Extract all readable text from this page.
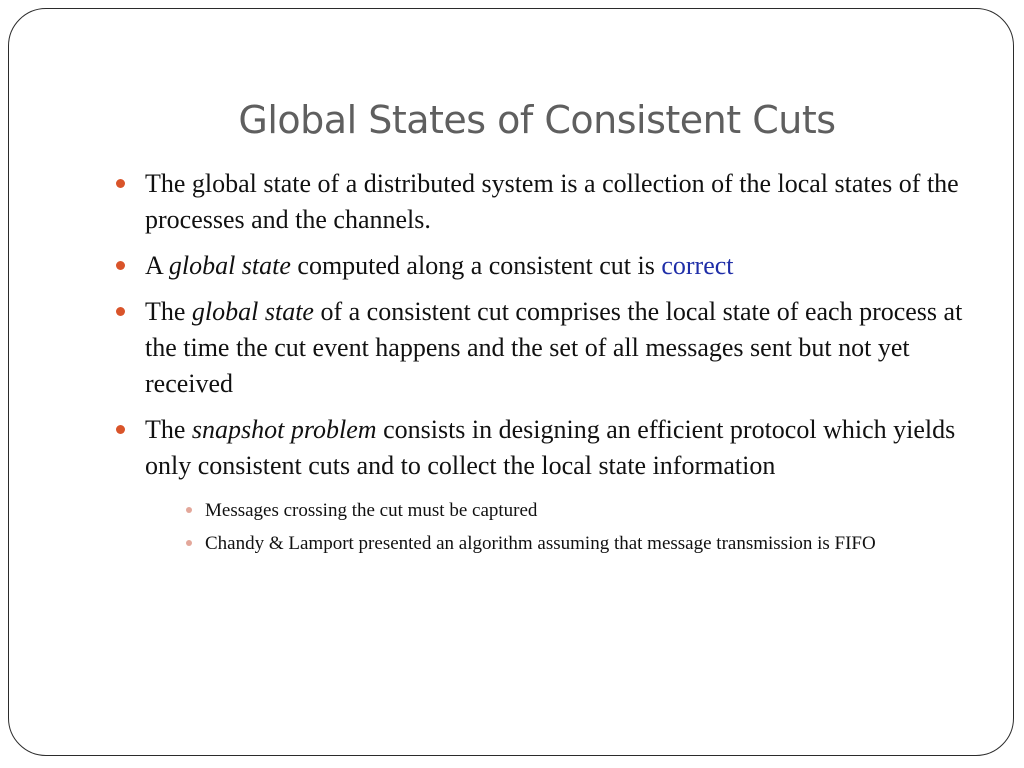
Global States of Consistent Cuts
The global state of a distributed system is a collection of the local states of the processes and the channels.
A global state computed along a consistent cut is correct
The global state of a consistent cut comprises the local state of each process at the time the cut event happens and the set of all messages sent but not yet received
The snapshot problem consists in designing an efficient protocol which yields only consistent cuts and to collect the local state information
Messages crossing the cut must be captured
Chandy & Lamport presented an algorithm assuming that message transmission is FIFO
